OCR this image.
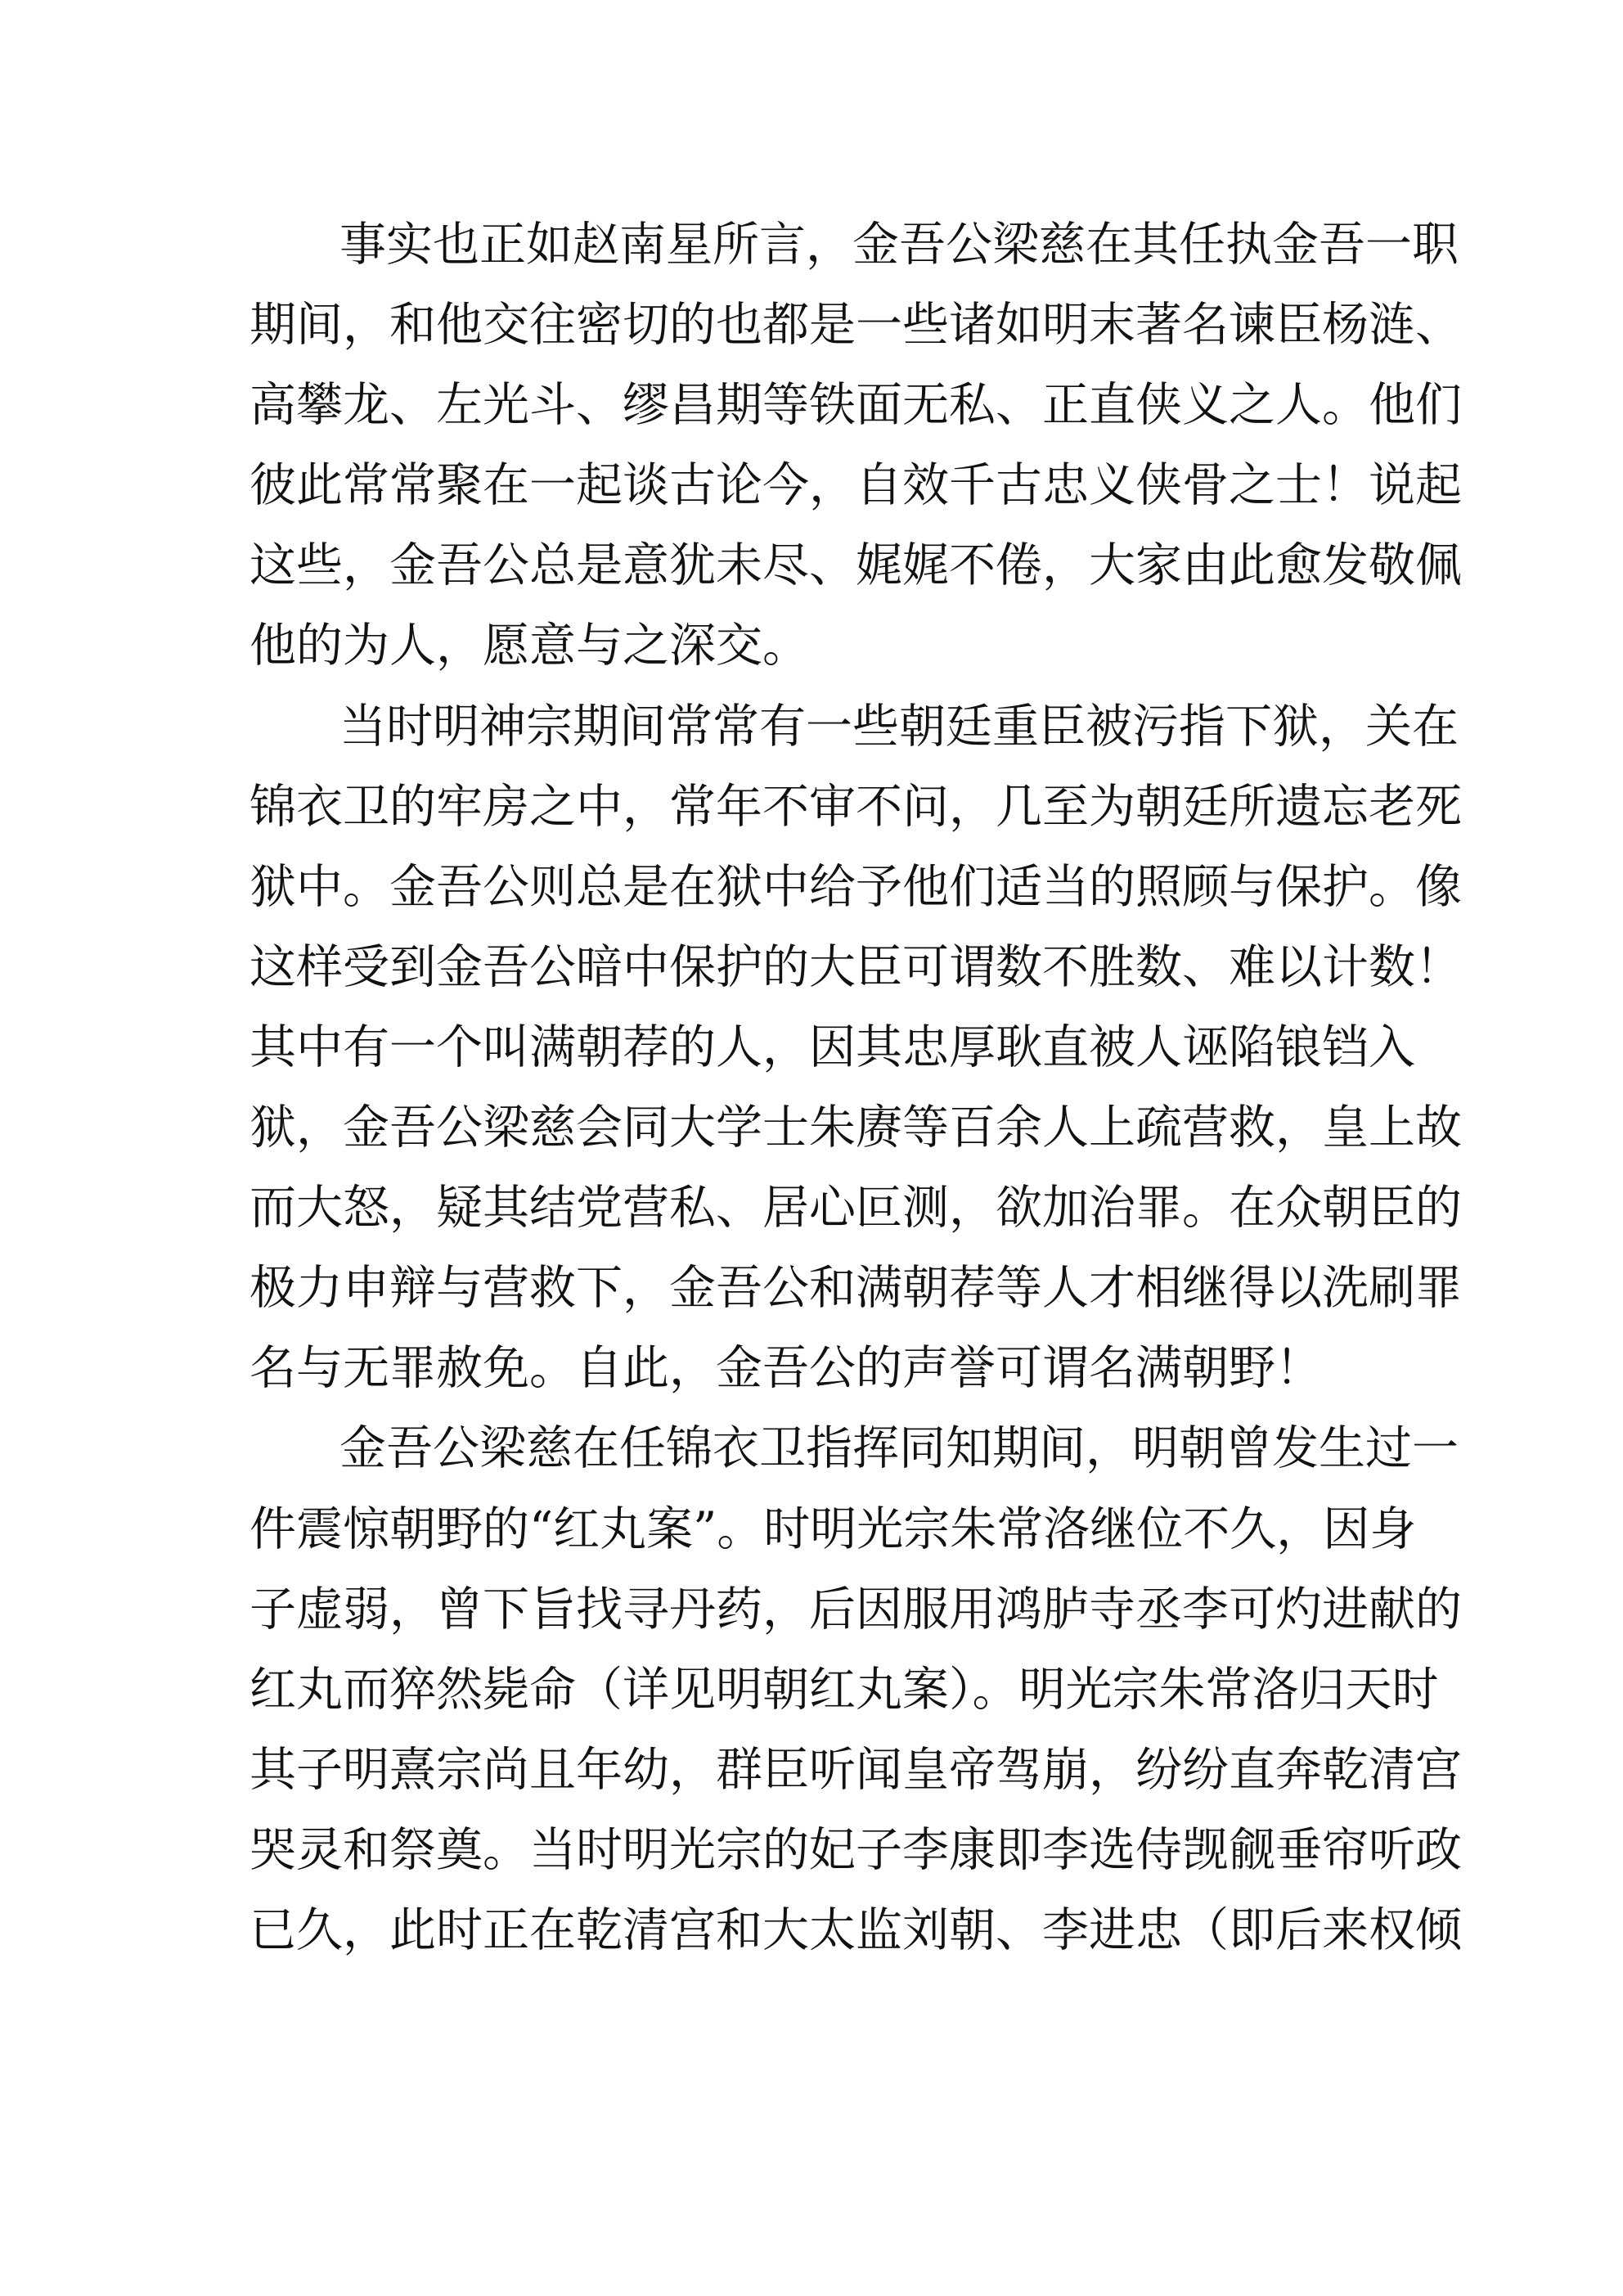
事实也正如赵南星所言，金吾公梁慈在其任执金吾一职
期间，和他交往密切的也都是一些诸如明末著名谏臣杨涟、
高攀龙、左光斗、缪昌期等铁面无私、正直侠义之人。他们
彼此常常聚在一起谈古论今，自效千古忠义侠骨之士！说起
这些，金吾公总是意犹未尽、娓娓不倦，大家由此愈发敬佩
他的为人，愿意与之深交。
当时明神宗期间常常有一些朝廷重臣被污指下狱，关在
锦衣卫的牢房之中，常年不审不问，几至为朝廷所遗忘老死
狱中。金吾公则总是在狱中给予他们适当的照顾与保护。像
这样受到金吾公暗中保护的大臣可谓数不胜数、难以计数！
其中有一个叫满朝荐的人，因其忠厚耿直被人诬陷锒铛入
狱，金吾公梁慈会同大学士朱赓等百余人上疏营救，皇上故
而大怒，疑其结党营私、居心叵测，欲加治罪。在众朝臣的
极力申辩与营救下，金吾公和满朝荐等人才相继得以洗刷罪
名与无罪赦免。自此，金吾公的声誉可谓名满朝野！
金吾公梁慈在任锦衣卫指挥同知期间，明朝曾发生过一
件震惊朝野的“红丸案”。时明光宗朱常洛继位不久，因身
子虚弱，曾下旨找寻丹药，后因服用鸿胪寺丞李可灼进献的
红丸而猝然毙命（详见明朝红丸案）。明光宗朱常洛归天时
其子明熹宗尚且年幼，群臣听闻皇帝驾崩，纷纷直奔乾清宫
哭灵和祭奠。当时明光宗的妃子李康即李选侍觊觎垂帘听政
已久，此时正在乾清宫和大太监刘朝、李进忠（即后来权倾
